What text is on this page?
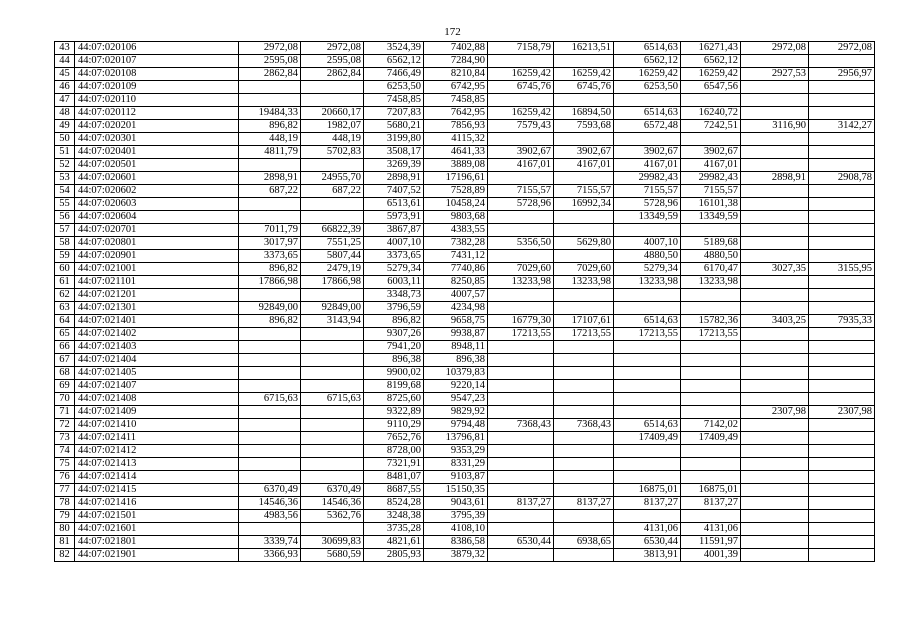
172
43	44:07:020106	2972,08	2972,08	3524,39	7402,88	7158,79	16213,51	6514,63	16271,43	2972,08	2972,08
44	44:07:020107	2595,08	2595,08	6562,12	7284,90			6562,12	6562,12		
45	44:07:020108	2862,84	2862,84	7466,49	8210,84	16259,42	16259,42	16259,42	16259,42	2927,53	2956,97
46	44:07:020109			6253,50	6742,95	6745,76	6745,76	6253,50	6547,56		
47	44:07:020110			7458,85	7458,85						
48	44:07:020112	19484,33	20660,17	7207,83	7642,95	16259,42	16894,50	6514,63	16240,72		
49	44:07:020201	896,82	1982,07	5680,21	7856,93	7579,43	7593,68	6572,48	7242,51	3116,90	3142,27
50	44:07:020301	448,19	448,19	3199,80	4115,32						
51	44:07:020401	4811,79	5702,83	3508,17	4641,33	3902,67	3902,67	3902,67	3902,67		
52	44:07:020501			3269,39	3889,08	4167,01	4167,01	4167,01	4167,01		
53	44:07:020601	2898,91	24955,70	2898,91	17196,61			29982,43	29982,43	2898,91	2908,78
54	44:07:020602	687,22	687,22	7407,52	7528,89	7155,57	7155,57	7155,57	7155,57		
55	44:07:020603			6513,61	10458,24	5728,96	16992,34	5728,96	16101,38		
56	44:07:020604			5973,91	9803,68			13349,59	13349,59		
57	44:07:020701	7011,79	66822,39	3867,87	4383,55						
58	44:07:020801	3017,97	7551,25	4007,10	7382,28	5356,50	5629,80	4007,10	5189,68		
59	44:07:020901	3373,65	5807,44	3373,65	7431,12			4880,50	4880,50		
60	44:07:021001	896,82	2479,19	5279,34	7740,86	7029,60	7029,60	5279,34	6170,47	3027,35	3155,95
61	44:07:021101	17866,98	17866,98	6003,11	8250,85	13233,98	13233,98	13233,98	13233,98		
62	44:07:021201			3348,73	4007,57						
63	44:07:021301	92849,00	92849,00	3796,59	4234,98						
64	44:07:021401	896,82	3143,94	896,82	9658,75	16779,30	17107,61	6514,63	15782,36	3403,25	7935,33
65	44:07:021402			9307,26	9938,87	17213,55	17213,55	17213,55	17213,55		
66	44:07:021403			7941,20	8948,11						
67	44:07:021404			896,38	896,38						
68	44:07:021405			9900,02	10379,83						
69	44:07:021407			8199,68	9220,14						
70	44:07:021408	6715,63	6715,63	8725,60	9547,23						
71	44:07:021409			9322,89	9829,92					2307,98	2307,98
72	44:07:021410			9110,29	9794,48	7368,43	7368,43	6514,63	7142,02		
73	44:07:021411			7652,76	13796,81			17409,49	17409,49		
74	44:07:021412			8728,00	9353,29						
75	44:07:021413			7321,91	8331,29						
76	44:07:021414			8481,07	9103,87						
77	44:07:021415	6370,49	6370,49	8687,55	15150,35			16875,01	16875,01		
78	44:07:021416	14546,36	14546,36	8524,28	9043,61	8137,27	8137,27	8137,27	8137,27		
79	44:07:021501	4983,56	5362,76	3248,38	3795,39						
80	44:07:021601			3735,28	4108,10			4131,06	4131,06		
81	44:07:021801	3339,74	30699,83	4821,61	8386,58	6530,44	6938,65	6530,44	11591,97		
82	44:07:021901	3366,93	5680,59	2805,93	3879,32			3813,91	4001,39		
